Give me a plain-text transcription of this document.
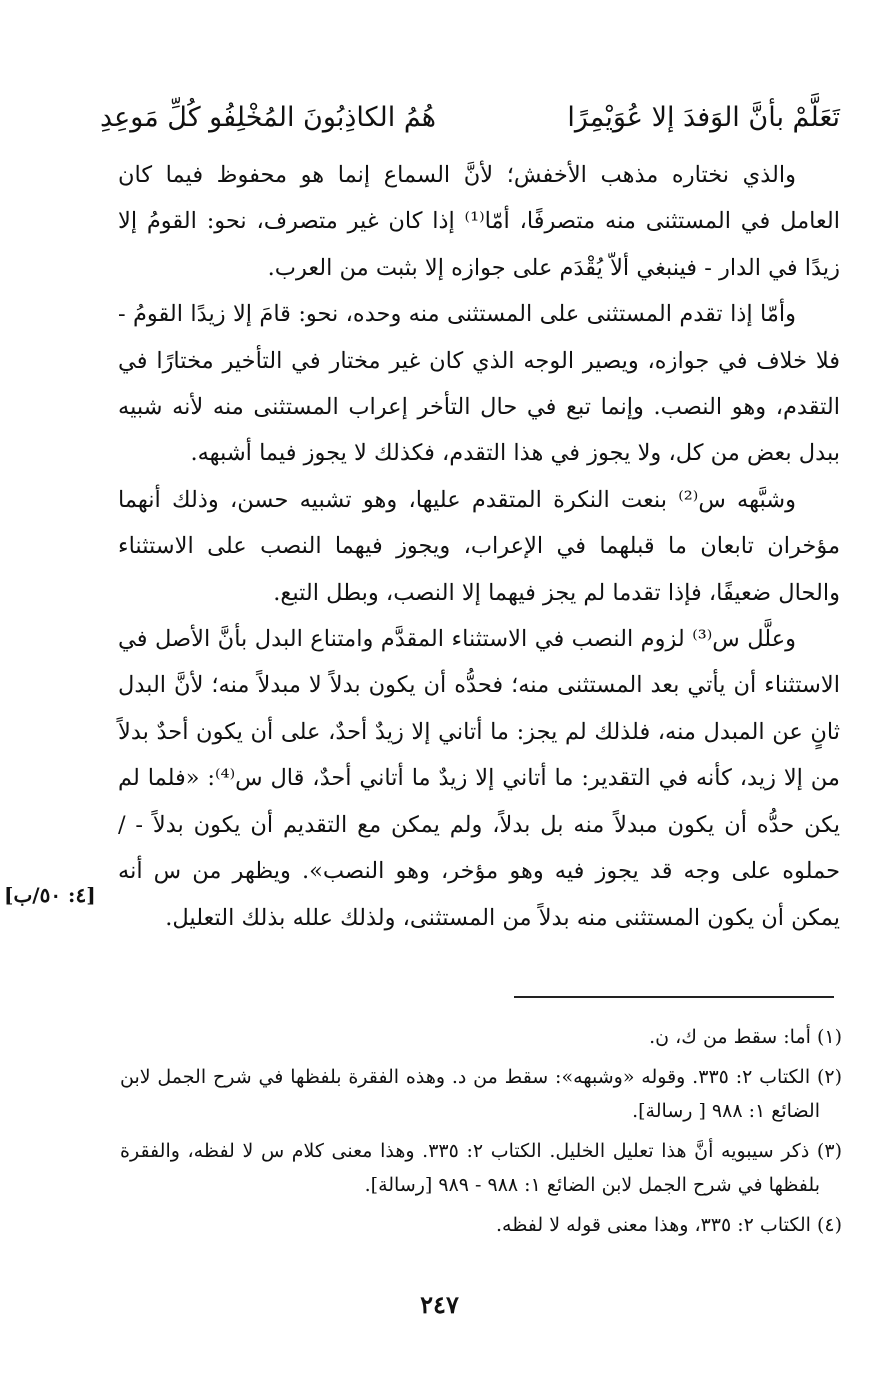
تَعَلَّمْ بأنَّ الوَفدَ إلا عُوَيْمِرًا
هُمُ الكاذِبُونَ المُخْلِفُو كُلِّ مَوعِدِ

والذي نختاره مذهب الأخفش؛ لأنَّ السماع إنما هو محفوظ فيما كان العامل في المستثنى منه متصرفًا، أمّا⁽¹⁾ إذا كان غير متصرف، نحو: القومُ إلا زيدًا في الدار - فينبغي ألاّ يُقْدَم على جوازه إلا بثبت من العرب.

وأمّا إذا تقدم المستثنى على المستثنى منه وحده، نحو: قامَ إلا زيدًا القومُ - فلا خلاف في جوازه، ويصير الوجه الذي كان غير مختار في التأخير مختارًا في التقدم، وهو النصب. وإنما تبع في حال التأخر إعراب المستثنى منه لأنه شبيه ببدل بعض من كل، ولا يجوز في هذا التقدم، فكذلك لا يجوز فيما أشبهه.

وشبَّهه س⁽²⁾ بنعت النكرة المتقدم عليها، وهو تشبيه حسن، وذلك أنهما مؤخران تابعان ما قبلهما في الإعراب، ويجوز فيهما النصب على الاستثناء والحال ضعيفًا، فإذا تقدما لم يجز فيهما إلا النصب، وبطل التبع.

وعلَّل س⁽³⁾ لزوم النصب في الاستثناء المقدَّم وامتناع البدل بأنَّ الأصل في الاستثناء أن يأتي بعد المستثنى منه؛ فحدُّه أن يكون بدلاً لا مبدلاً منه؛ لأنَّ البدل ثانٍ عن المبدل منه، فلذلك لم يجز: ما أتاني إلا زيدٌ أحدٌ، على أن يكون أحدٌ بدلاً من إلا زيد، كأنه في التقدير: ما أتاني إلا زيدٌ ما أتاني أحدٌ، قال س⁽⁴⁾: «فلما لم يكن حدُّه أن يكون مبدلاً منه بل بدلاً، ولم يمكن مع التقديم أن يكون بدلاً - /حملوه على وجه قد يجوز فيه وهو مؤخر، وهو النصب». ويظهر من س أنه يمكن أن يكون المستثنى منه بدلاً من المستثنى، ولذلك علله بذلك التعليل.

[٤: ٥٠/ب]

(١) أما: سقط من ك، ن.

(٢) الكتاب ٢: ٣٣٥. وقوله «وشبهه»: سقط من د. وهذه الفقرة بلفظها في شرح الجمل لابن الضائع ١: ٩٨٨ [ رسالة].

(٣) ذكر سيبويه أنَّ هذا تعليل الخليل. الكتاب ٢: ٣٣٥. وهذا معنى كلام س لا لفظه، والفقرة بلفظها في شرح الجمل لابن الضائع ١: ٩٨٨ - ٩٨٩ [رسالة].

(٤) الكتاب ٢: ٣٣٥، وهذا معنى قوله لا لفظه.

٢٤٧
